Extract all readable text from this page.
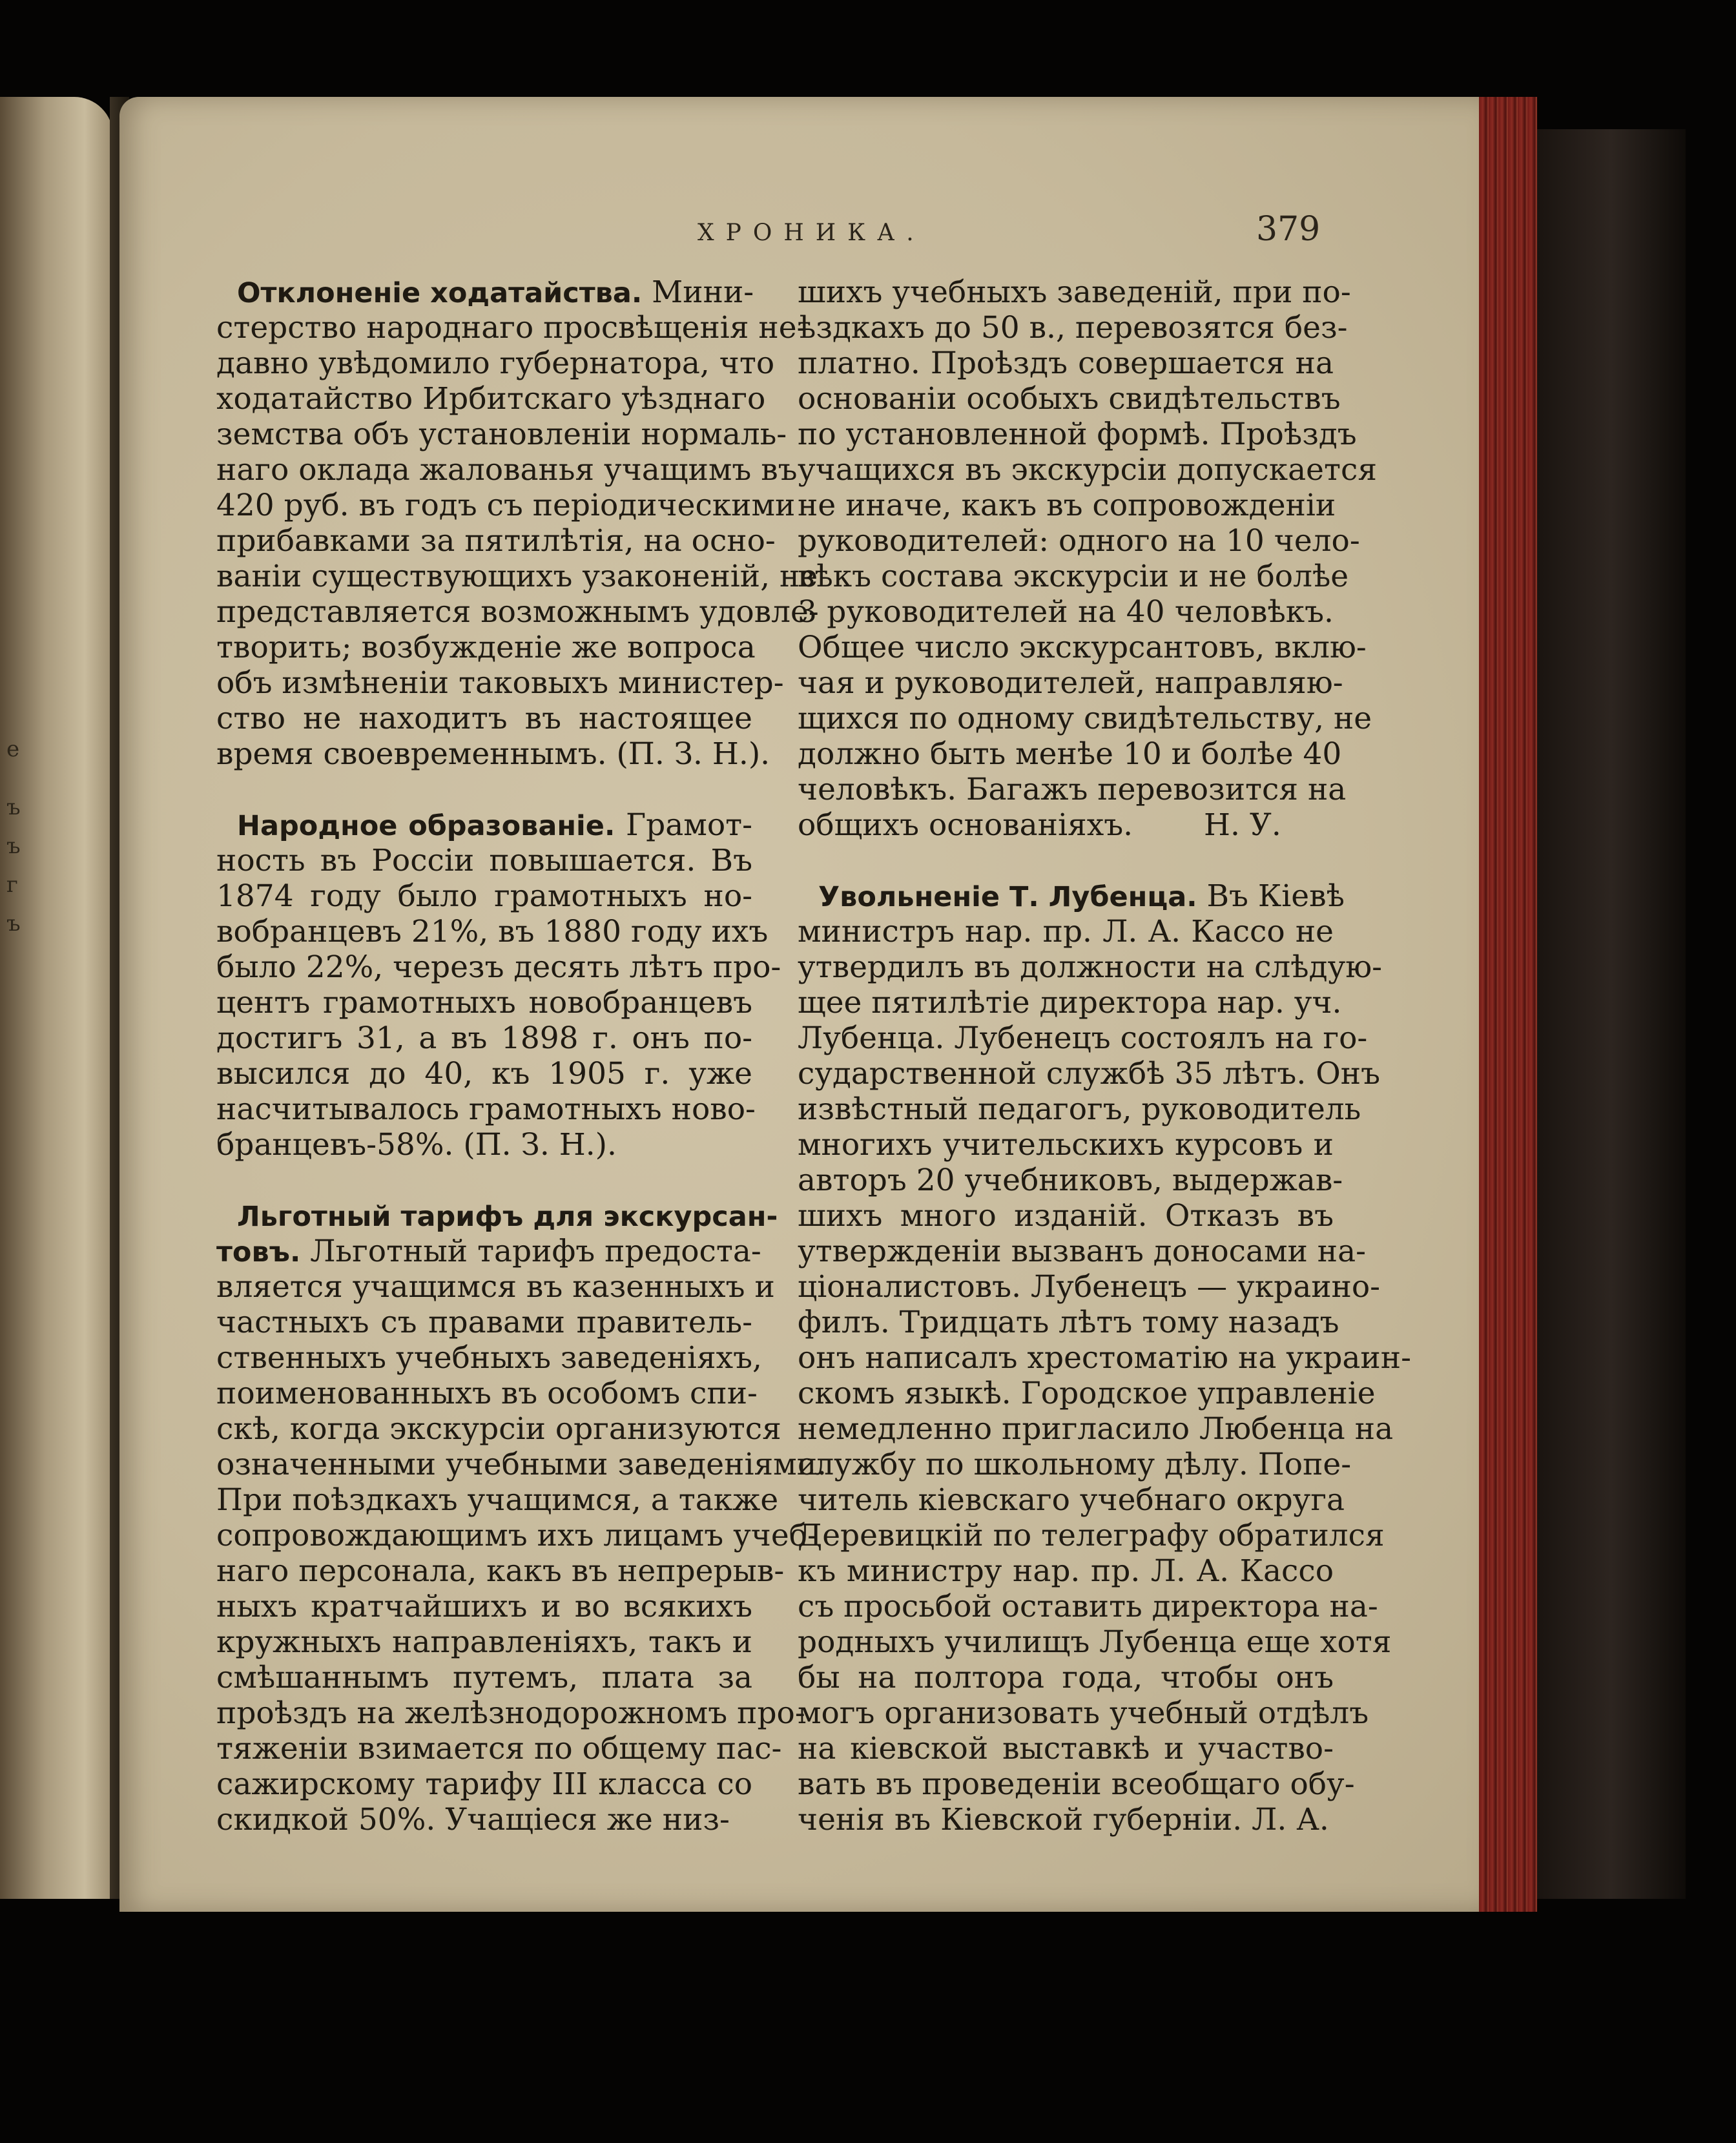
е
ъ
ъ
г
ъ
ХРОНИКА.	379
Отклоненіе ходатайства. Мини-
стерство народнаго просвѣщенія не-
давно увѣдомило губернатора, что
ходатайство Ирбитскаго уѣзднаго
земства объ установленіи нормаль-
наго оклада жалованья учащимъ въ
420 руб. въ годъ съ періодическими
прибавками за пятилѣтія, на осно-
ваніи существующихъ узаконеній, не
представляется возможнымъ удовле-
творить; возбужденіе же вопроса
объ измѣненіи таковыхъ министер-
ство не находитъ въ настоящее
время своевременнымъ. (П. З. Н.).
Народное образованіе. Грамот-
ность въ Россіи повышается. Въ
1874 году было грамотныхъ но-
вобранцевъ 21%, въ 1880 году ихъ
было 22%, черезъ десять лѣтъ про-
центъ грамотныхъ новобранцевъ
достигъ 31, а въ 1898 г. онъ по-
высился до 40, къ 1905 г. уже
насчитывалось грамотныхъ ново-
бранцевъ-58%. (П. З. Н.).
Льготный тарифъ для экскурсан-
товъ. Льготный тарифъ предоста-
вляется учащимся въ казенныхъ и
частныхъ съ правами правитель-
ственныхъ учебныхъ заведеніяхъ,
поименованныхъ въ особомъ спи-
скѣ, когда экскурсіи организуются
означенными учебными заведеніями.
При поѣздкахъ учащимся, а также
сопровождающимъ ихъ лицамъ учеб-
наго персонала, какъ въ непрерыв-
ныхъ кратчайшихъ и во всякихъ
кружныхъ направленіяхъ, такъ и
смѣшаннымъ путемъ, плата за
проѣздъ на желѣзнодорожномъ про-
тяженіи взимается по общему пас-
сажирскому тарифу III класса со
скидкой 50%. Учащіеся же низ-
шихъ учебныхъ заведеній, при по-
ѣздкахъ до 50 в., перевозятся без-
платно. Проѣздъ совершается на
основаніи особыхъ свидѣтельствъ
по установленной формѣ. Проѣздъ
учащихся въ экскурсіи допускается
не иначе, какъ въ сопровожденіи
руководителей: одного на 10 чело-
вѣкъ состава экскурсіи и не болѣе
3 руководителей на 40 человѣкъ.
Общее число экскурсантовъ, вклю-
чая и руководителей, направляю-
щихся по одному свидѣтельству, не
должно быть менѣе 10 и болѣе 40
человѣкъ. Багажъ перевозится на
общихъ основаніяхъ. Н. У.
Увольненіе Т. Лубенца. Въ Кіевѣ
министръ нар. пр. Л. А. Кассо не
утвердилъ въ должности на слѣдую-
щее пятилѣтіе директора нар. уч.
Лубенца. Лубенецъ состоялъ на го-
сударственной службѣ 35 лѣтъ. Онъ
извѣстный педагогъ, руководитель
многихъ учительскихъ курсовъ и
авторъ 20 учебниковъ, выдержав-
шихъ много изданій. Отказъ въ
утвержденіи вызванъ доносами на-
ціоналистовъ. Лубенецъ — украино-
филъ. Тридцать лѣтъ тому назадъ
онъ написалъ хрестоматію на украин-
скомъ языкѣ. Городское управленіе
немедленно пригласило Любенца на
службу по школьному дѣлу. Попе-
читель кіевскаго учебнаго округа
Деревицкій по телеграфу обратился
къ министру нар. пр. Л. А. Кассо
съ просьбой оставить директора на-
родныхъ училищъ Лубенца еще хотя
бы на полтора года, чтобы онъ
могъ организовать учебный отдѣлъ
на кіевской выставкѣ и участво-
вать въ проведеніи всеобщаго обу-
ченія въ Кіевской губерніи. Л. А.
